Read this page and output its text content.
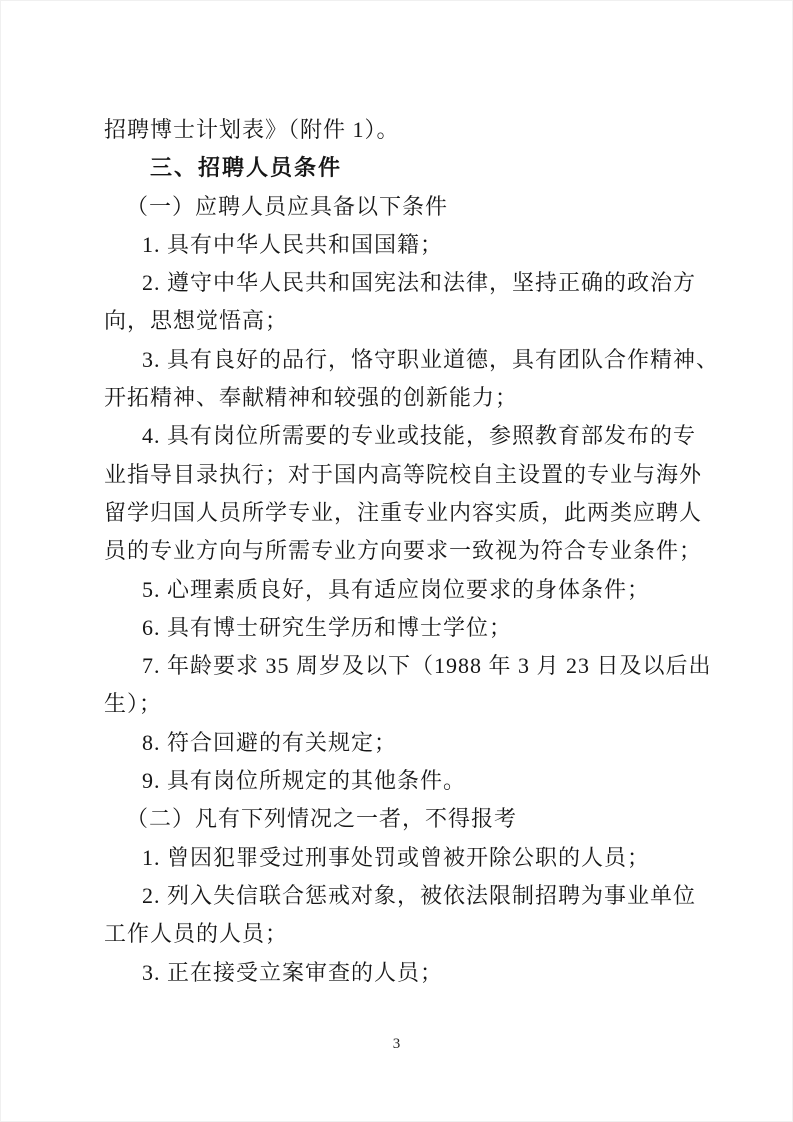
招聘博士计划表》（附件 1）。
三、招聘人员条件
（一）应聘人员应具备以下条件
1. 具有中华人民共和国国籍；
2. 遵守中华人民共和国宪法和法律，坚持正确的政治方
向，思想觉悟高；
3. 具有良好的品行，恪守职业道德，具有团队合作精神、
开拓精神、奉献精神和较强的创新能力；
4. 具有岗位所需要的专业或技能，参照教育部发布的专
业指导目录执行；对于国内高等院校自主设置的专业与海外
留学归国人员所学专业，注重专业内容实质，此两类应聘人
员的专业方向与所需专业方向要求一致视为符合专业条件；
5. 心理素质良好，具有适应岗位要求的身体条件；
6. 具有博士研究生学历和博士学位；
7. 年龄要求 35 周岁及以下（1988 年 3 月 23 日及以后出
生）；
8. 符合回避的有关规定；
9. 具有岗位所规定的其他条件。
（二）凡有下列情况之一者，不得报考
1. 曾因犯罪受过刑事处罚或曾被开除公职的人员；
2. 列入失信联合惩戒对象，被依法限制招聘为事业单位
工作人员的人员；
3. 正在接受立案审查的人员；
3
